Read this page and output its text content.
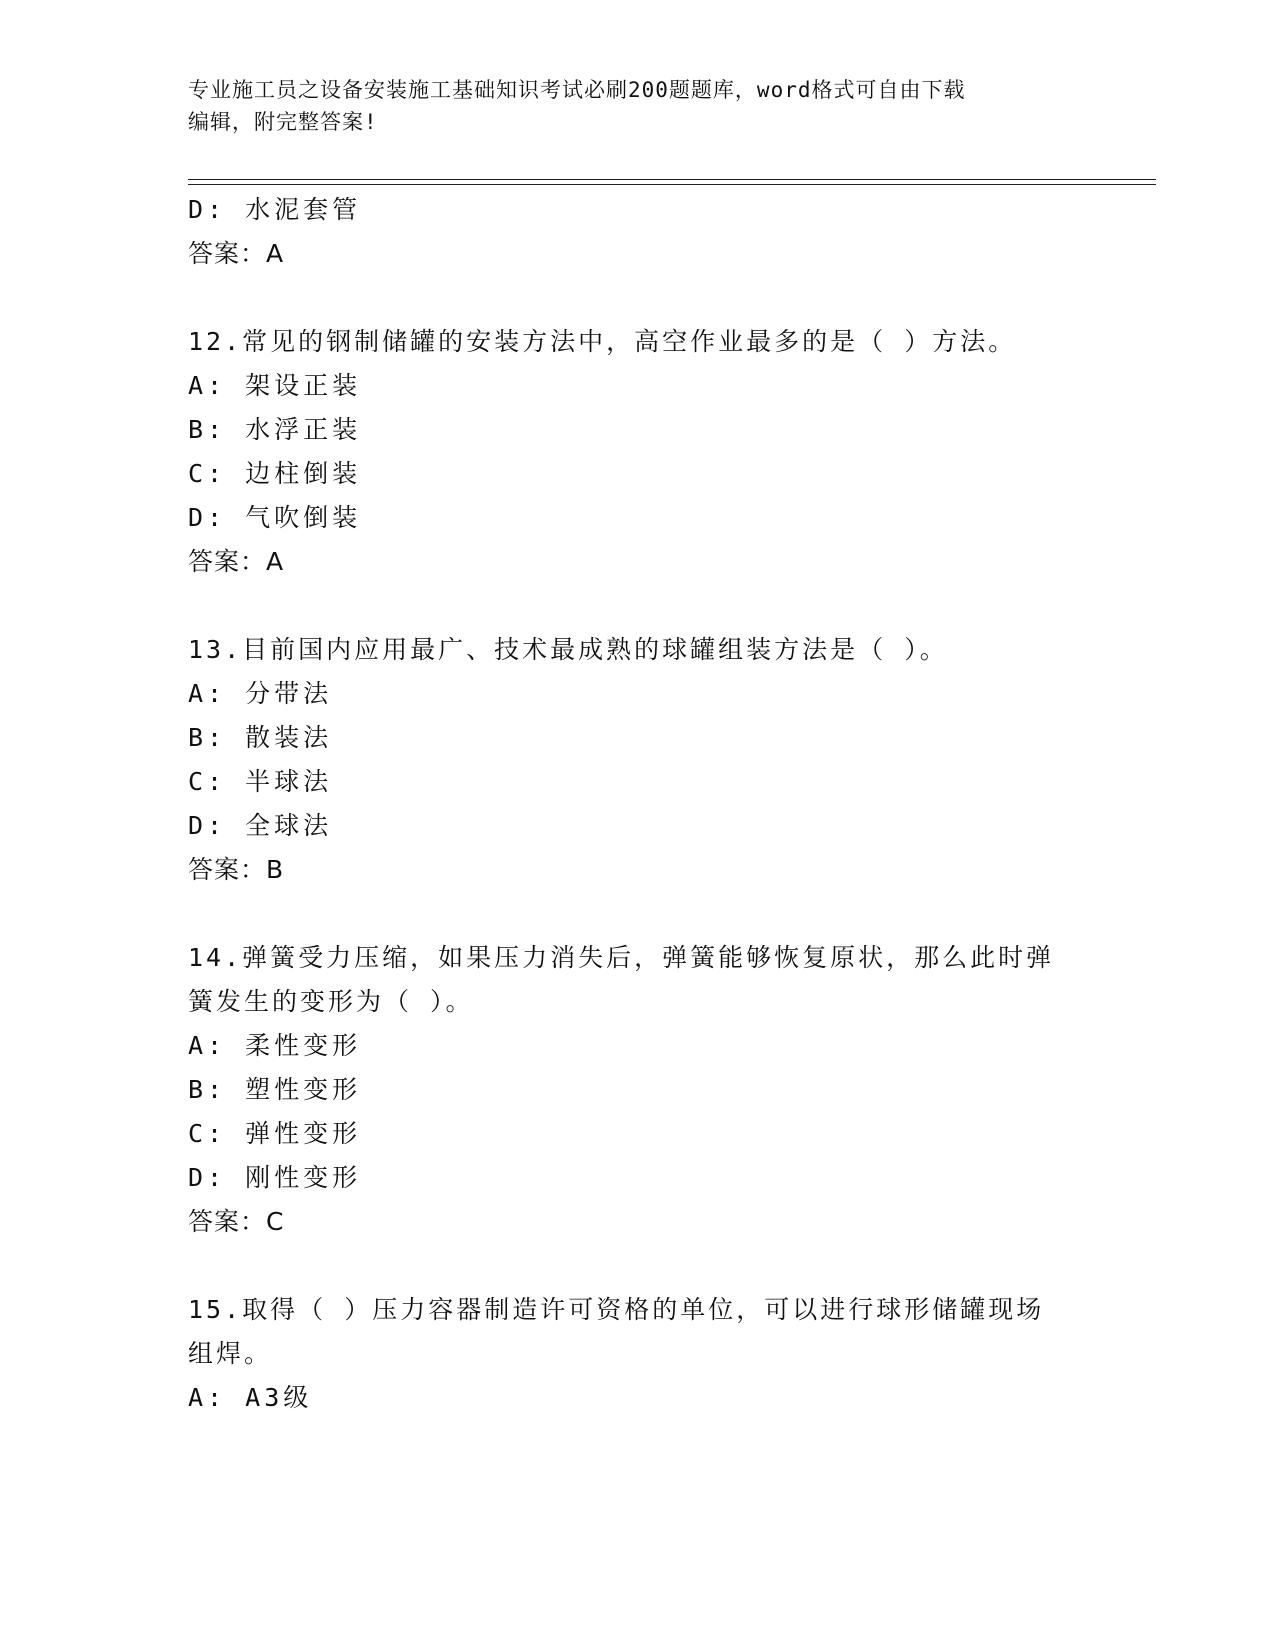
专业施工员之设备安装施工基础知识考试必刷200题题库，word格式可自由下载
编辑，附完整答案!
D: 水泥套管
答案：A
12.常见的钢制储罐的安装方法中，高空作业最多的是（ ）方法。
A: 架设正装
B: 水浮正装
C: 边柱倒装
D: 气吹倒装
答案：A
13.目前国内应用最广、技术最成熟的球罐组装方法是（ ）。
A: 分带法
B: 散装法
C: 半球法
D: 全球法
答案：B
14.弹簧受力压缩，如果压力消失后，弹簧能够恢复原状，那么此时弹
簧发生的变形为（ ）。
A: 柔性变形
B: 塑性变形
C: 弹性变形
D: 刚性变形
答案：C
15.取得（ ）压力容器制造许可资格的单位，可以进行球形储罐现场
组焊。
A: A3级
